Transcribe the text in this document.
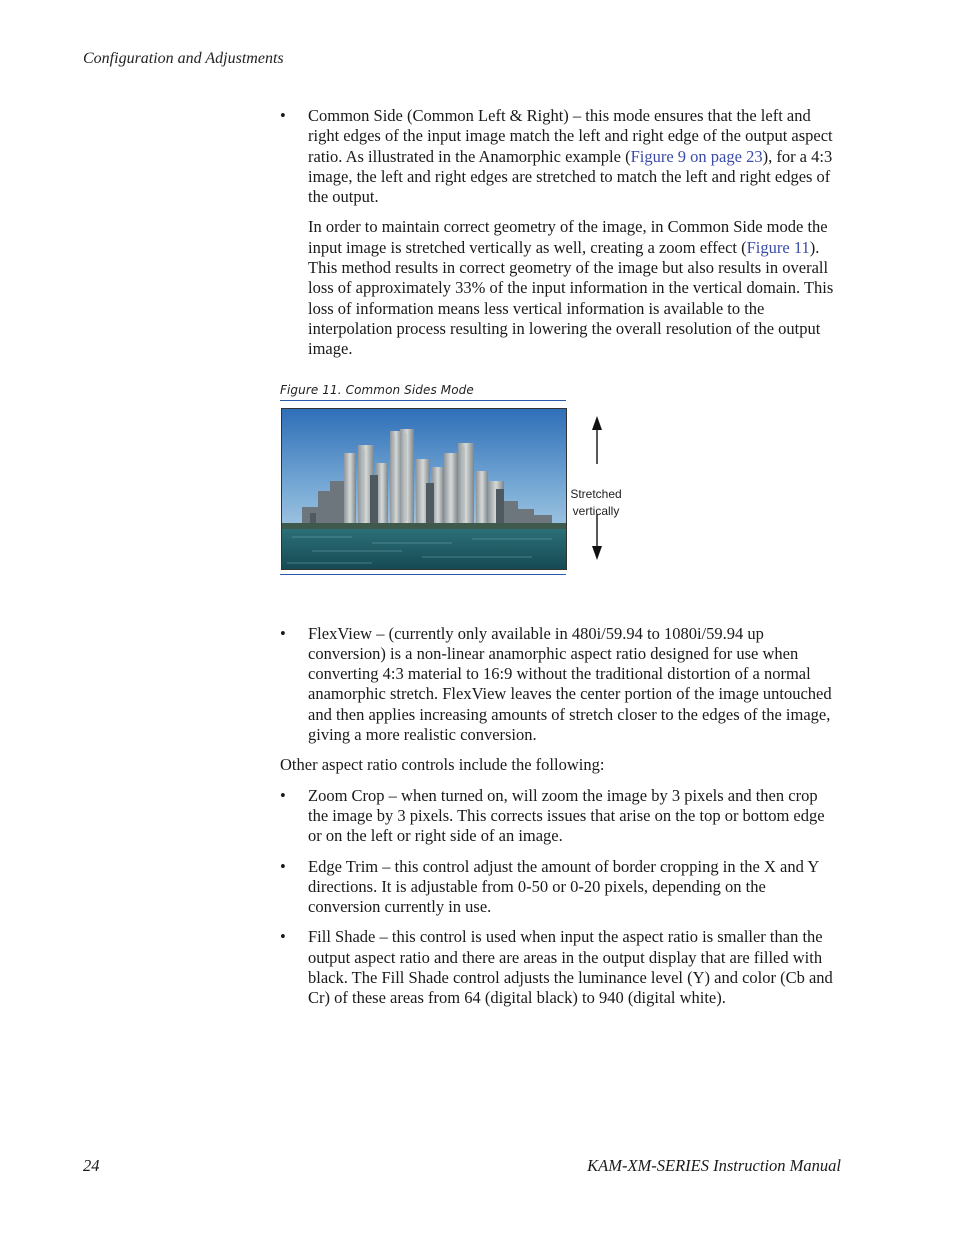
Configuration and Adjustments
•	Common Side (Common Left & Right) – this mode ensures that the left and right edges of the input image match the left and right edge of the output aspect ratio. As illustrated in the Anamorphic example (Figure 9 on page 23), for a 4:3 image, the left and right edges are stretched to match the left and right edges of the output.

In order to maintain correct geometry of the image, in Common Side mode the input image is stretched vertically as well, creating a zoom effect (Figure 11). This method results in correct geometry of the image but also results in overall loss of approximately 33% of the input information in the vertical domain. This loss of information means less vertical information is available to the interpolation process resulting in lowering the overall resolution of the output image.

Figure 11. Common Sides Mode
Stretched
vertically
•	FlexView – (currently only available in 480i/59.94 to 1080i/59.94 up conversion) is a non-linear anamorphic aspect ratio designed for use when converting 4:3 material to 16:9 without the traditional distortion of a normal anamorphic stretch. FlexView leaves the center portion of the image untouched and then applies increasing amounts of stretch closer to the edges of the image, giving a more realistic conversion.

Other aspect ratio controls include the following:

•	Zoom Crop – when turned on, will zoom the image by 3 pixels and then crop the image by 3 pixels. This corrects issues that arise on the top or bottom edge or on the left or right side of an image.

•	Edge Trim – this control adjust the amount of border cropping in the X and Y directions. It is adjustable from 0-50 or 0-20 pixels, depending on the conversion currently in use.

•	Fill Shade – this control is used when input the aspect ratio is smaller than the output aspect ratio and there are areas in the output display that are filled with black. The Fill Shade control adjusts the luminance level (Y) and color (Cb and Cr) of these areas from 64 (digital black) to 940 (digital white).

24	KAM-XM-SERIES Instruction Manual
